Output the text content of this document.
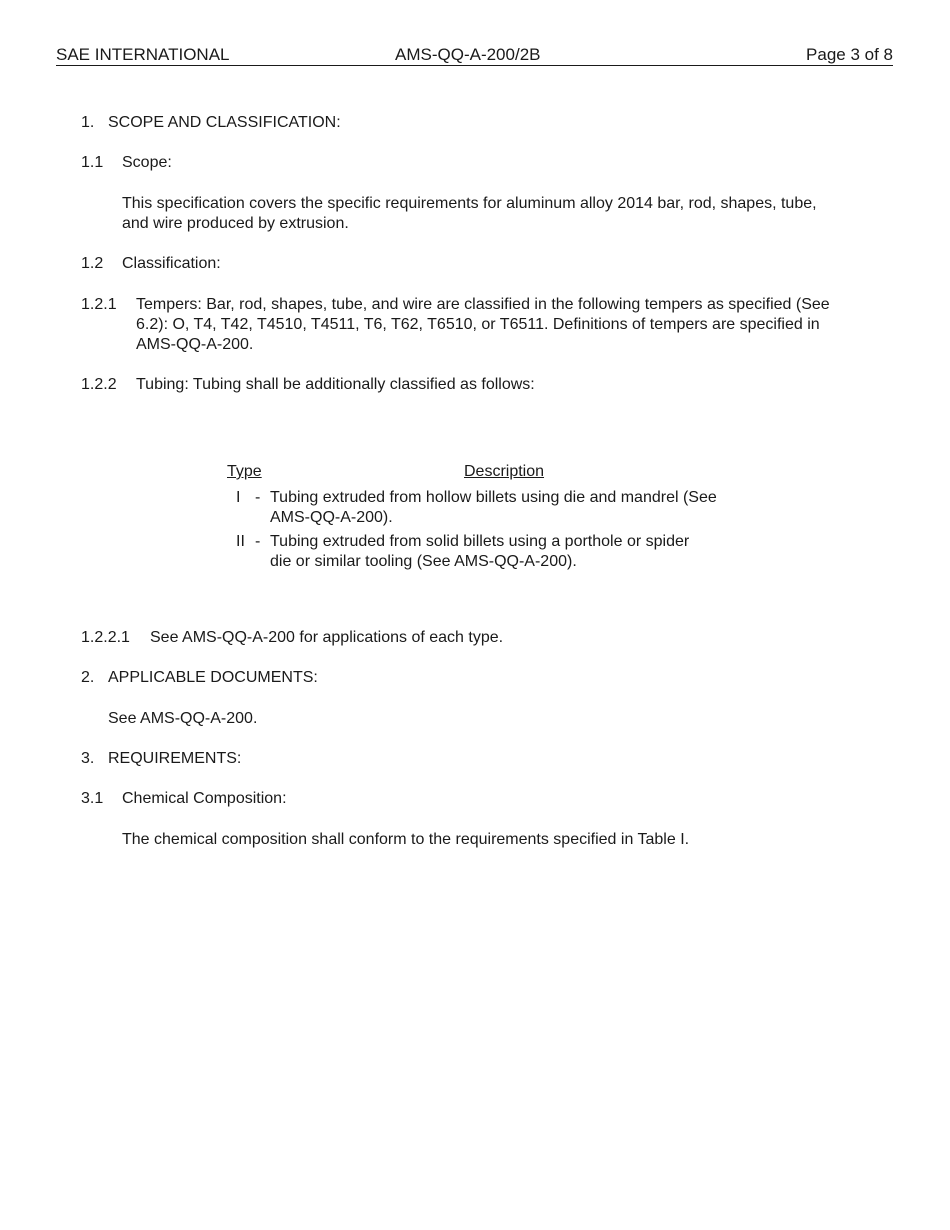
SAE INTERNATIONAL	AMS-QQ-A-200/2B	Page 3 of 8
1. SCOPE AND CLASSIFICATION:
1.1 Scope:
This specification covers the specific requirements for aluminum alloy 2014 bar, rod, shapes, tube,
and wire produced by extrusion.
1.2 Classification:
1.2.1 Tempers: Bar, rod, shapes, tube, and wire are classified in the following tempers as specified (See
6.2): O, T4, T42, T4510, T4511, T6, T62, T6510, or T6511. Definitions of tempers are specified in
AMS-QQ-A-200.
1.2.2 Tubing: Tubing shall be additionally classified as follows:
Type	Description
I - Tubing extruded from hollow billets using die and mandrel (See
AMS-QQ-A-200).
II - Tubing extruded from solid billets using a porthole or spider
die or similar tooling (See AMS-QQ-A-200).
1.2.2.1 See AMS-QQ-A-200 for applications of each type.
2. APPLICABLE DOCUMENTS:
See AMS-QQ-A-200.
3. REQUIREMENTS:
3.1 Chemical Composition:
The chemical composition shall conform to the requirements specified in Table I.
